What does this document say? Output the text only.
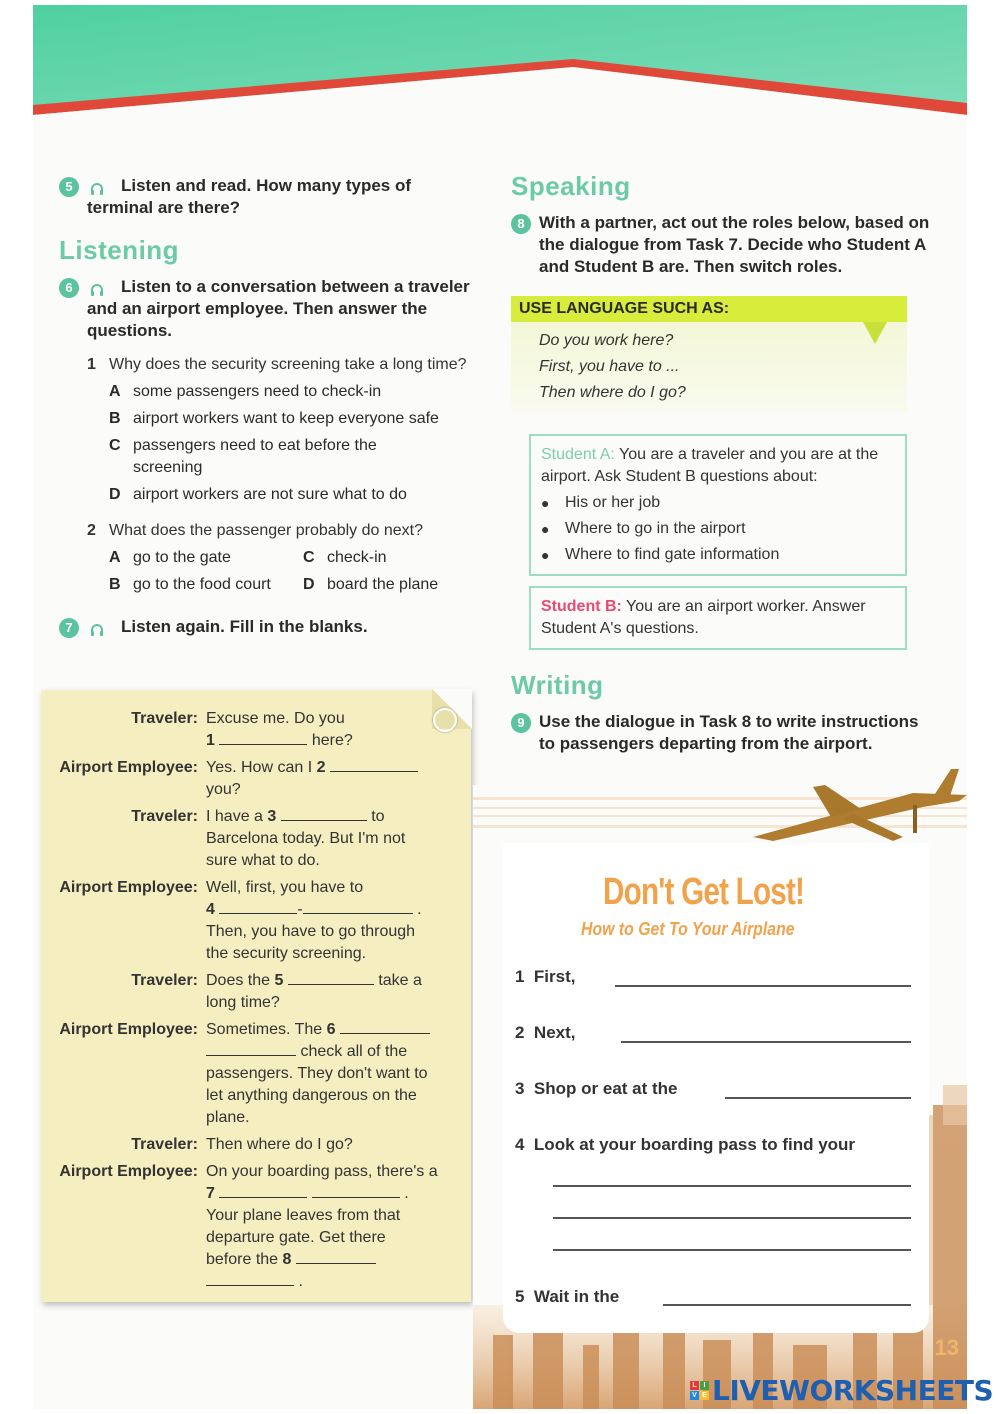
5	Listen and read. How many types of terminal are there?
Listening
6	Listen to a conversation between a traveler and an airport employee. Then answer the questions.
1 Why does the security screening take a long time?
A some passengers need to check-in
B airport workers want to keep everyone safe
C passengers need to eat before the screening
D airport workers are not sure what to do
2 What does the passenger probably do next?
A go to the gate	C check-in
B go to the food court D board the plane
7	Listen again. Fill in the blanks.
Traveler: Excuse me. Do you
1	here?
Airport Employee: Yes. How can I 2
you?
Traveler: I have a 3	to
Barcelona today. But I'm not
sure what to do.
Airport Employee: Well, first, you have to
4	-	.
Then, you have to go through
the security screening.
Traveler: Does the 5	take a
long time?
Airport Employee: Sometimes. The 6
check all of the
passengers. They don't want to
let anything dangerous on the
plane.
Traveler: Then where do I go?
Airport Employee: On your boarding pass, there's a
7	.
Your plane leaves from that
departure gate. Get there
before the 8
.
Speaking
8 With a partner, act out the roles below, based on the dialogue from Task 7. Decide who Student A and Student B are. Then switch roles.
USE LANGUAGE SUCH AS:
Do you work here?
First, you have to ...
Then where do I go?
Student A: You are a traveler and you are at the airport. Ask Student B questions about:
● His or her job
● Where to go in the airport
● Where to find gate information
Student B: You are an airport worker. Answer Student A's questions.
Writing
9 Use the dialogue in Task 8 to write instructions to passengers departing from the airport.
Don't Get Lost!
How to Get To Your Airplane
1 First,
2 Next,
3 Shop or eat at the
4 Look at your boarding pass to find your
5 Wait in the
13
L I
V E LIVEWORKSHEETS
